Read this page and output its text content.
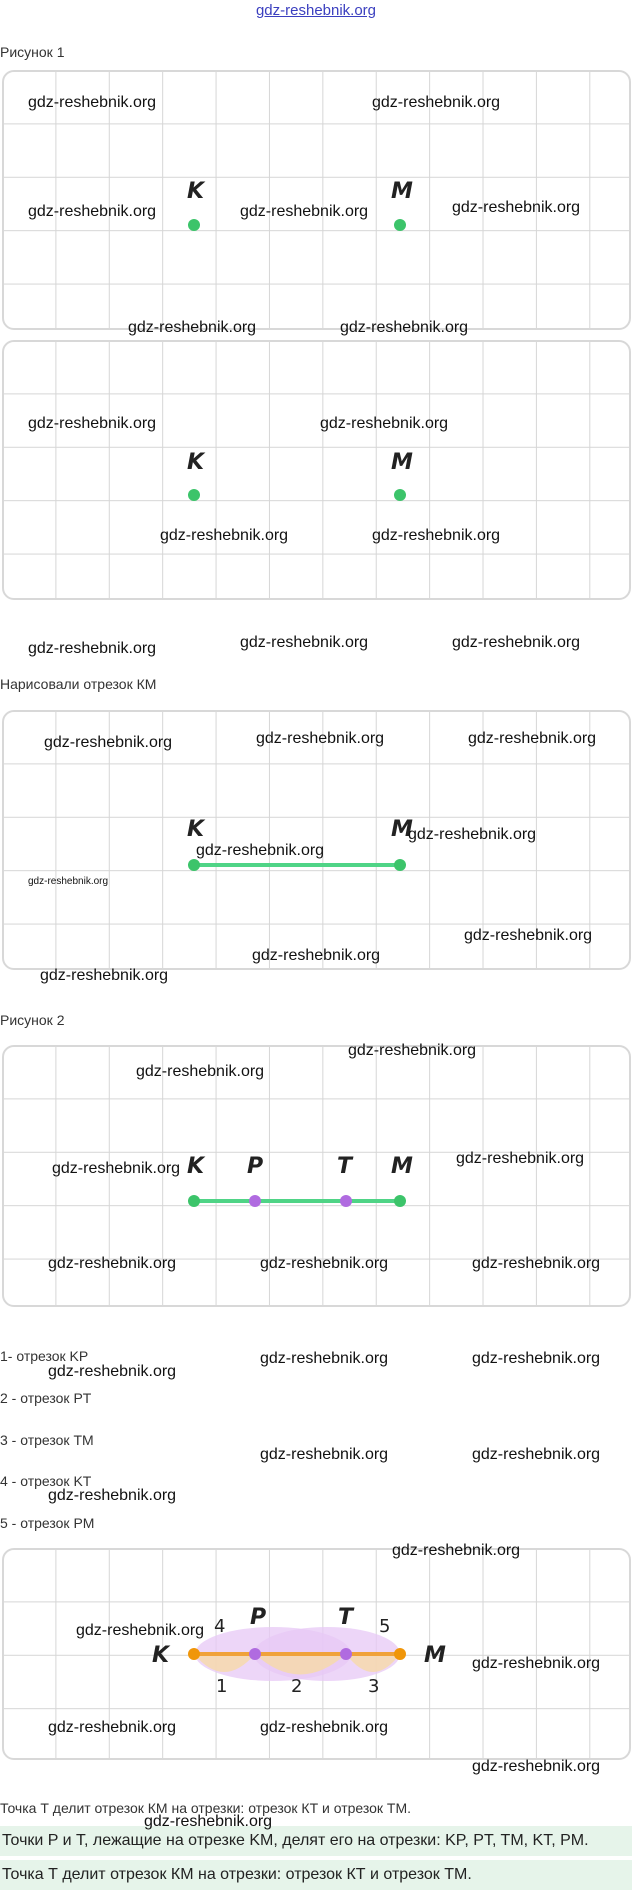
gdz-reshebnik.org
Рисунок 1
K	M
K	M
Нарисовали отрезок КМ
K	M
Рисунок 2
K P	T M
1- отрезок KP
2 - отрезок PT
3 - отрезок TM
4 - отрезок KT
5 - отрезок PM
K
P	T
M
4	5
1	2	3
Точка Т делит отрезок КМ на отрезки: отрезок КТ и отрезок ТМ.
Точки P и T, лежащие на отрезке KM, делят его на отрезки: KP, PT, TM, KT, PM.
Точка Т делит отрезок КМ на отрезки: отрезок КТ и отрезок ТМ.
gdz-reshebnik.org	gdz-reshebnik.org
gdz-reshebnik.org	gdz-reshebnik.org	gdz-reshebnik.org
gdz-reshebnik.org	gdz-reshebnik.org
gdz-reshebnik.org	gdz-reshebnik.org
gdz-reshebnik.org	gdz-reshebnik.org
gdz-reshebnik.org	gdz-reshebnik.org	gdz-reshebnik.org
gdz-reshebnik.org	gdz-reshebnik.org	gdz-reshebnik.org
gdz-reshebnik.org
gdz-reshebnik.org
gdz-reshebnik.org
gdz-reshebnik.org
gdz-reshebnik.org
gdz-reshebnik.org
gdz-reshebnik.org
gdz-reshebnik.org
gdz-reshebnik.org
gdz-reshebnik.org
gdz-reshebnik.org	gdz-reshebnik.org	gdz-reshebnik.org
gdz-reshebnik.org
gdz-reshebnik.org	gdz-reshebnik.org
gdz-reshebnik.org	gdz-reshebnik.org
gdz-reshebnik.org
gdz-reshebnik.org
gdz-reshebnik.org
gdz-reshebnik.org
gdz-reshebnik.org	gdz-reshebnik.org
gdz-reshebnik.org
gdz-reshebnik.org
